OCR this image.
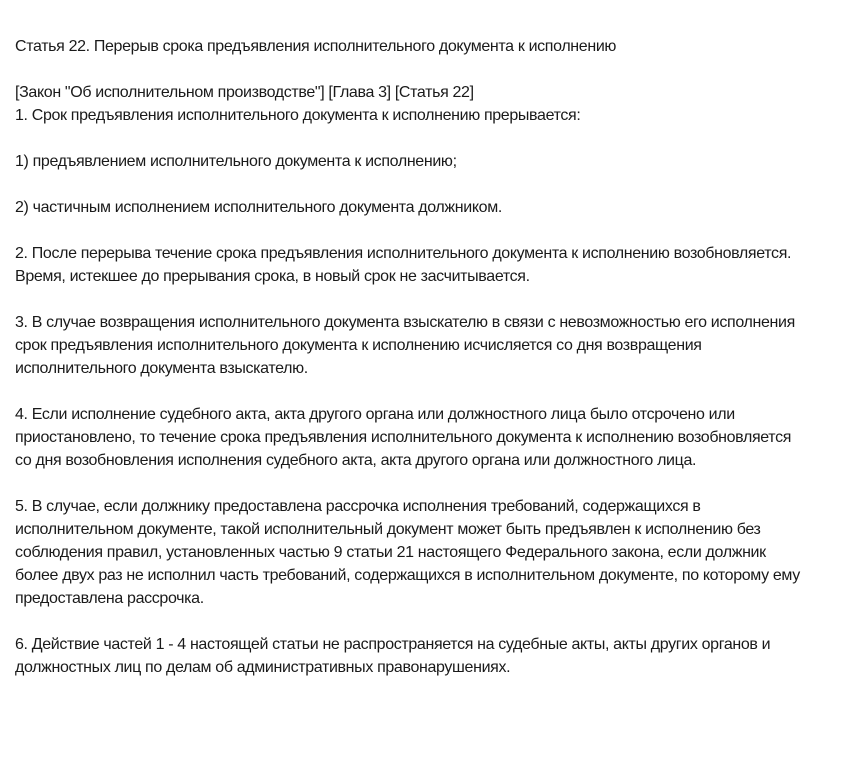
Статья 22. Перерыв срока предъявления исполнительного документа к исполнению
[Закон "Об исполнительном производстве"] [Глава 3] [Статья 22]
1. Срок предъявления исполнительного документа к исполнению прерывается:
1) предъявлением исполнительного документа к исполнению;
2) частичным исполнением исполнительного документа должником.
2. После перерыва течение срока предъявления исполнительного документа к исполнению возобновляется.
Время, истекшее до прерывания срока, в новый срок не засчитывается.
3. В случае возвращения исполнительного документа взыскателю в связи с невозможностью его исполнения
срок предъявления исполнительного документа к исполнению исчисляется со дня возвращения
исполнительного документа взыскателю.
4. Если исполнение судебного акта, акта другого органа или должностного лица было отсрочено или
приостановлено, то течение срока предъявления исполнительного документа к исполнению возобновляется
со дня возобновления исполнения судебного акта, акта другого органа или должностного лица.
5. В случае, если должнику предоставлена рассрочка исполнения требований, содержащихся в
исполнительном документе, такой исполнительный документ может быть предъявлен к исполнению без
соблюдения правил, установленных частью 9 статьи 21 настоящего Федерального закона, если должник
более двух раз не исполнил часть требований, содержащихся в исполнительном документе, по которому ему
предоставлена рассрочка.
6. Действие частей 1 - 4 настоящей статьи не распространяется на судебные акты, акты других органов и
должностных лиц по делам об административных правонарушениях.
